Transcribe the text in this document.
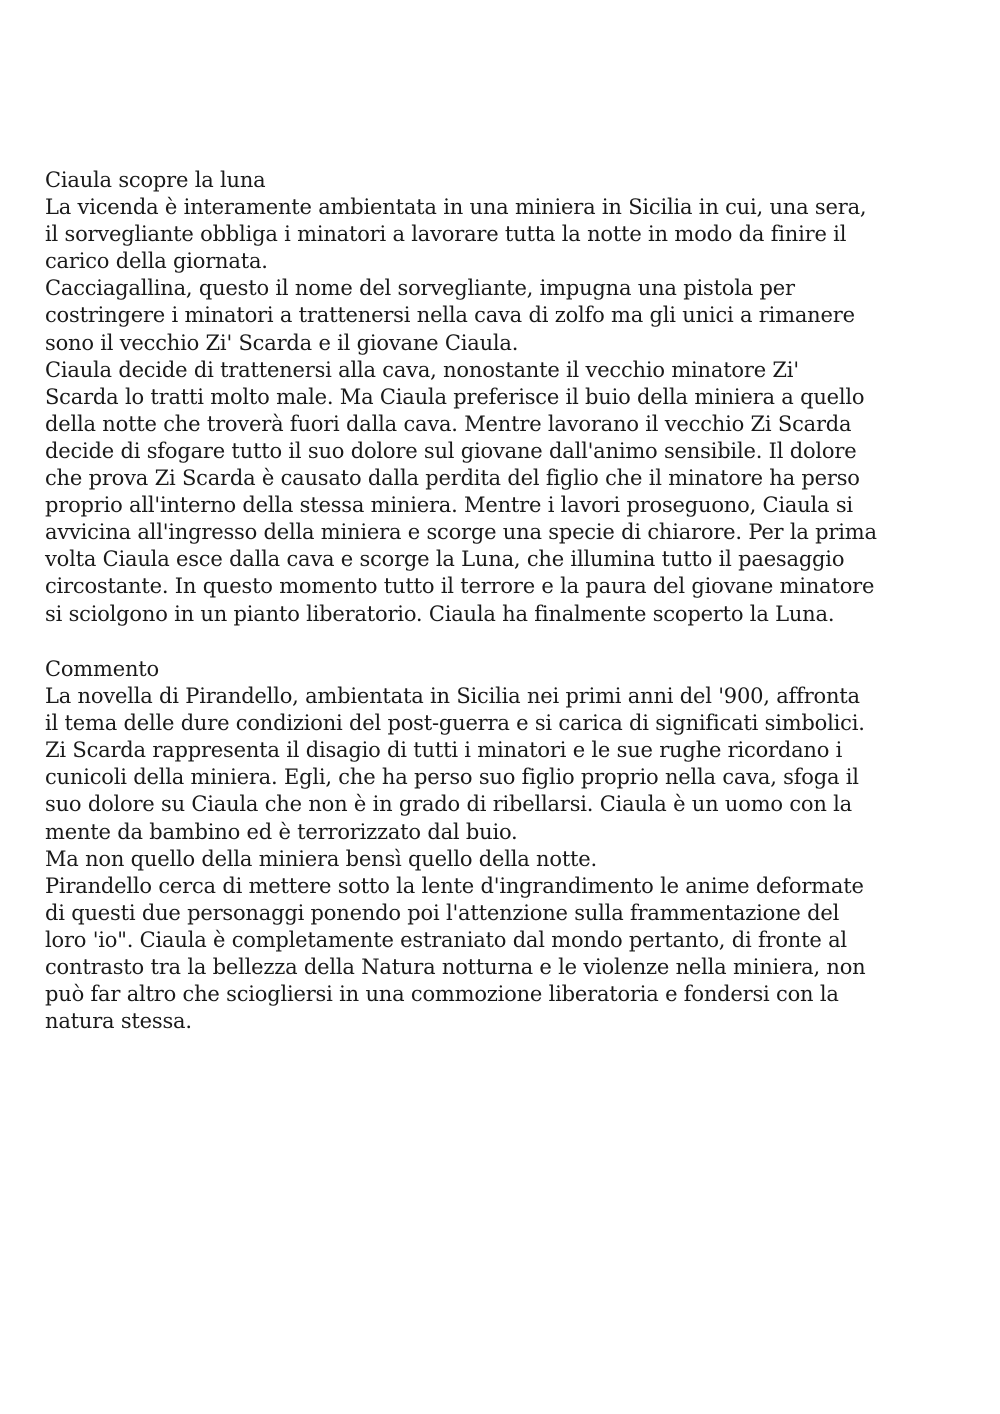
Ciaula scopre la luna
La vicenda è interamente ambientata in una miniera in Sicilia in cui, una sera,
il sorvegliante obbliga i minatori a lavorare tutta la notte in modo da finire il
carico della giornata.
Cacciagallina, questo il nome del sorvegliante, impugna una pistola per
costringere i minatori a trattenersi nella cava di zolfo ma gli unici a rimanere
sono il vecchio Zi' Scarda e il giovane Ciaula.
Ciaula decide di trattenersi alla cava, nonostante il vecchio minatore Zi'
Scarda lo tratti molto male. Ma Ciaula preferisce il buio della miniera a quello
della notte che troverà fuori dalla cava. Mentre lavorano il vecchio Zi Scarda
decide di sfogare tutto il suo dolore sul giovane dall'animo sensibile. Il dolore
che prova Zi Scarda è causato dalla perdita del figlio che il minatore ha perso
proprio all'interno della stessa miniera. Mentre i lavori proseguono, Ciaula si
avvicina all'ingresso della miniera e scorge una specie di chiarore. Per la prima
volta Ciaula esce dalla cava e scorge la Luna, che illumina tutto il paesaggio
circostante. In questo momento tutto il terrore e la paura del giovane minatore
si sciolgono in un pianto liberatorio. Ciaula ha finalmente scoperto la Luna.
Commento
La novella di Pirandello, ambientata in Sicilia nei primi anni del '900, affronta
il tema delle dure condizioni del post-guerra e si carica di significati simbolici.
Zi Scarda rappresenta il disagio di tutti i minatori e le sue rughe ricordano i
cunicoli della miniera. Egli, che ha perso suo figlio proprio nella cava, sfoga il
suo dolore su Ciaula che non è in grado di ribellarsi. Ciaula è un uomo con la
mente da bambino ed è terrorizzato dal buio.
Ma non quello della miniera bensì quello della notte.
Pirandello cerca di mettere sotto la lente d'ingrandimento le anime deformate
di questi due personaggi ponendo poi l'attenzione sulla frammentazione del
loro 'io". Ciaula è completamente estraniato dal mondo pertanto, di fronte al
contrasto tra la bellezza della Natura notturna e le violenze nella miniera, non
può far altro che sciogliersi in una commozione liberatoria e fondersi con la
natura stessa.
